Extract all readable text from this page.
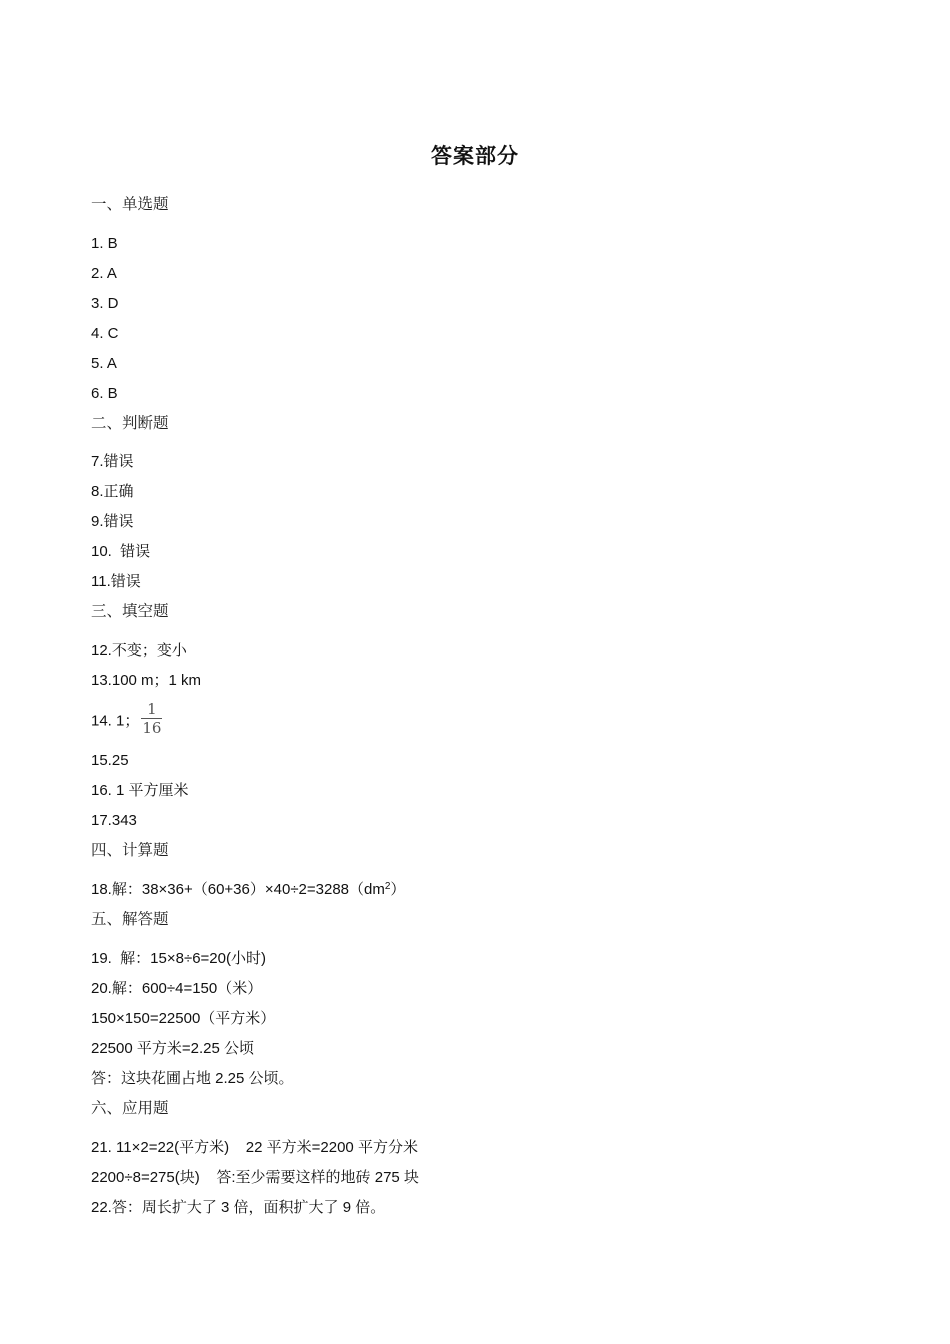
答案部分
一、单选题
1. B
2. A
3. D
4. C
5. A
6. B
二、判断题
7.错误
8.正确
9.错误
10.  错误
11.错误
三、填空题
12.不变；变小
13.100 m；1 km
14. 1； $\frac{1}{16}$
15.25
16. 1 平方厘米
17.343
四、计算题
18.解：$38\times 36+(60+36)\times 40\div 2=3288(dm^2)$
五、解答题
19.  解：15×8÷6=20(小时)
20.解：600÷4=150（米）
150×150=22500（平方米）
22500 平方米=2.25 公顷
答：这块花圃占地 2.25 公顷。
六、应用题
21. 11×2=22(平方米)    22 平方米=2200 平方分米
2200÷8=275(块)    答:至少需要这样的地砖 275 块
22.答：周长扩大了 3 倍，面积扩大了 9 倍。
